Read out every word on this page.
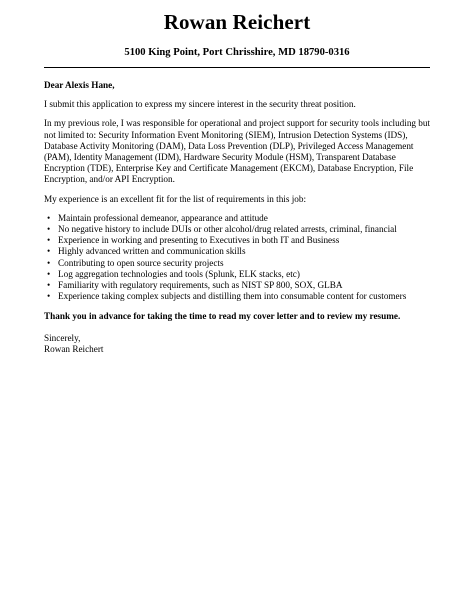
Rowan Reichert
5100 King Point, Port Chrisshire, MD 18790-0316

Dear Alexis Hane,

I submit this application to express my sincere interest in the security threat position.

In my previous role, I was responsible for operational and project support for security tools including but not limited to: Security Information Event Monitoring (SIEM), Intrusion Detection Systems (IDS), Database Activity Monitoring (DAM), Data Loss Prevention (DLP), Privileged Access Management (PAM), Identity Management (IDM), Hardware Security Module (HSM), Transparent Database Encryption (TDE), Enterprise Key and Certificate Management (EKCM), Database Encryption, File Encryption, and/or API Encryption.

My experience is an excellent fit for the list of requirements in this job:

• Maintain professional demeanor, appearance and attitude
• No negative history to include DUIs or other alcohol/drug related arrests, criminal, financial
• Experience in working and presenting to Executives in both IT and Business
• Highly advanced written and communication skills
• Contributing to open source security projects
• Log aggregation technologies and tools (Splunk, ELK stacks, etc)
• Familiarity with regulatory requirements, such as NIST SP 800, SOX, GLBA
• Experience taking complex subjects and distilling them into consumable content for customers

Thank you in advance for taking the time to read my cover letter and to review my resume.

Sincerely,
Rowan Reichert
